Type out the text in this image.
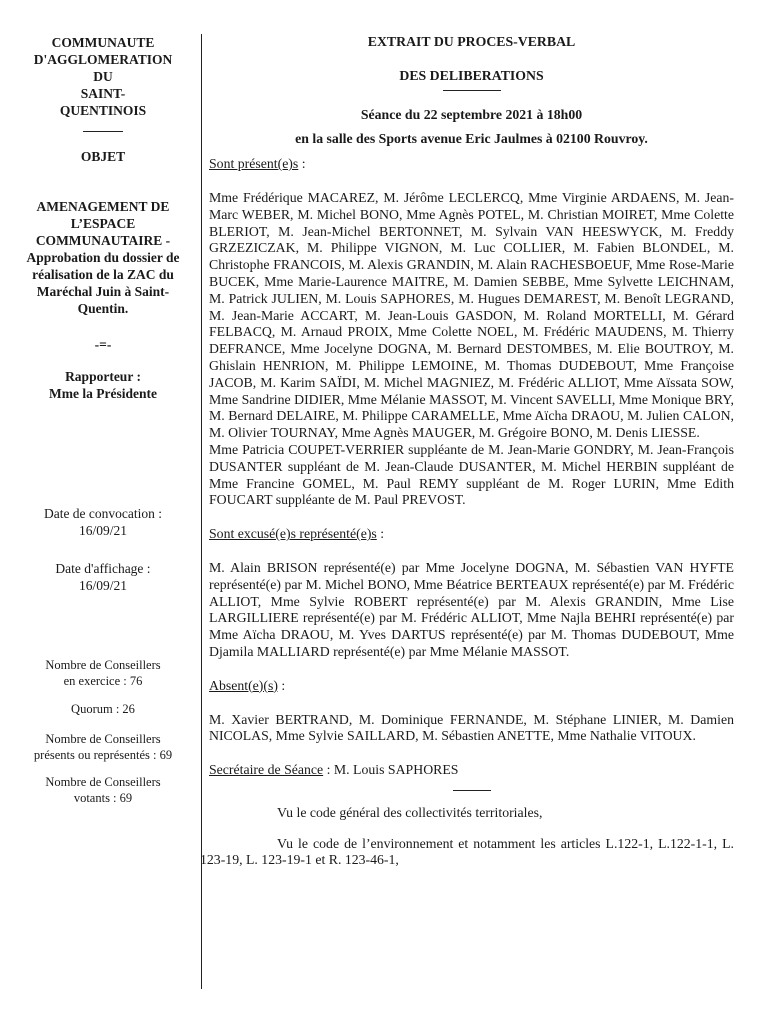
COMMUNAUTE
D'AGGLOMERATION
DU
SAINT-
QUENTINOIS
OBJET
AMENAGEMENT DE L’ESPACE COMMUNAUTAIRE - Approbation du dossier de réalisation de la ZAC du Maréchal Juin à Saint-Quentin.
-=-
Rapporteur :
Mme la Présidente
Date de convocation :
16/09/21
Date d'affichage :
16/09/21
Nombre de Conseillers
en exercice : 76
Quorum : 26
Nombre de Conseillers
présents ou représentés : 69
Nombre de Conseillers
votants : 69

EXTRAIT DU PROCES-VERBAL

DES DELIBERATIONS

Séance du 22 septembre 2021 à 18h00

en la salle des Sports avenue Eric Jaulmes à 02100 Rouvroy.

Sont présent(e)s :

Mme Frédérique MACAREZ, M. Jérôme LECLERCQ, Mme Virginie ARDAENS, M. Jean-Marc WEBER, M. Michel BONO, Mme Agnès POTEL, M. Christian MOIRET, Mme Colette BLERIOT, M. Jean-Michel BERTONNET, M. Sylvain VAN HEESWYCK, M. Freddy GRZEZICZAK, M. Philippe VIGNON, M. Luc COLLIER, M. Fabien BLONDEL, M. Christophe FRANCOIS, M. Alexis GRANDIN, M. Alain RACHESBOEUF, Mme Rose-Marie BUCEK, Mme Marie-Laurence MAITRE, M. Damien SEBBE, Mme Sylvette LEICHNAM, M. Patrick JULIEN, M. Louis SAPHORES, M. Hugues DEMAREST, M. Benoît LEGRAND, M. Jean-Marie ACCART, M. Jean-Louis GASDON, M. Roland MORTELLI, M. Gérard FELBACQ, M. Arnaud PROIX, Mme Colette NOEL, M. Frédéric MAUDENS, M. Thierry DEFRANCE, Mme Jocelyne DOGNA, M. Bernard DESTOMBES, M. Elie BOUTROY, M. Ghislain HENRION, M. Philippe LEMOINE, M. Thomas DUDEBOUT, Mme Françoise JACOB, M. Karim SAÏDI, M. Michel MAGNIEZ, M. Frédéric ALLIOT, Mme Aïssata SOW, Mme Sandrine DIDIER, Mme Mélanie MASSOT, M. Vincent SAVELLI, Mme Monique BRY, M. Bernard DELAIRE, M. Philippe CARAMELLE, Mme Aïcha DRAOU, M. Julien CALON, M. Olivier TOURNAY, Mme Agnès MAUGER, M. Grégoire BONO, M. Denis LIESSE.

Mme Patricia COUPET-VERRIER suppléante de M. Jean-Marie GONDRY, M. Jean-François DUSANTER suppléant de M. Jean-Claude DUSANTER, M. Michel HERBIN suppléant de Mme Francine GOMEL, M. Paul REMY suppléant de M. Roger LURIN, Mme Edith FOUCART suppléante de M. Paul PREVOST.

Sont excusé(e)s représenté(e)s :

M. Alain BRISON représenté(e) par Mme Jocelyne DOGNA, M. Sébastien VAN HYFTE représenté(e) par M. Michel BONO, Mme Béatrice BERTEAUX représenté(e) par M. Frédéric ALLIOT, Mme Sylvie ROBERT représenté(e) par M. Alexis GRANDIN, Mme Lise LARGILLIERE représenté(e) par M. Frédéric ALLIOT, Mme Najla BEHRI représenté(e) par Mme Aïcha DRAOU, M. Yves DARTUS représenté(e) par M. Thomas DUDEBOUT, Mme Djamila MALLIARD représenté(e) par Mme Mélanie MASSOT.

Absent(e)(s) :

M. Xavier BERTRAND, M. Dominique FERNANDE, M. Stéphane LINIER, M. Damien NICOLAS, Mme Sylvie SAILLARD, M. Sébastien ANETTE, Mme Nathalie VITOUX.

Secrétaire de Séance : M. Louis SAPHORES

Vu le code général des collectivités territoriales,

Vu le code de l’environnement et notamment les articles L.122-1, L.122-1-1, L. 123-19, L. 123-19-1 et R. 123-46-1,
